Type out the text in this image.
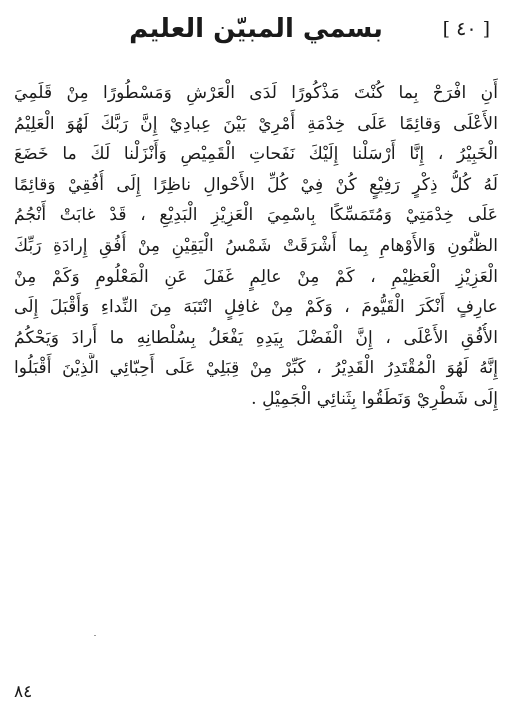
[ ٤٠ ]
بسمي المبيّن العليم
أَنِ افْرَحْ بِما كُنْتَ مَذْكُورًا لَدَى الْعَرْشِ وَمَسْطُورًا مِنْ قَلَمِيَ
الأَعْلَى وَقائِمًا عَلَى خِدْمَةِ أَمْرِيْ بَيْنَ عِبادِيْ إِنَّ رَبَّكَ لَهُوَ الْعَلِيْمُ
الْخَبِيْرُ ، إِنَّا أَرْسَلْنا إِلَيْكَ نَفَحاتِ الْقَمِيْصِ وَأَنْزَلْنا لَكَ ما خَضَعَ
لَهُ كُلُّ ذِكْرٍ رَفِيْعٍ كُنْ فِيْ كُلِّ الأَحْوالِ ناظِرًا إِلَى أُفُقِيْ وَقائِمًا
عَلَى خِدْمَتِيْ وَمُتَمَسِّكًا بِاسْمِيَ الْعَزِيْزِ الْبَدِيْعِ ، قَدْ غابَتْ أَنْجُمُ
الظُّنُونِ وَالأَوْهامِ بِما أَشْرَقَتْ شَمْسُ الْيَقِيْنِ مِنْ أُفُقِ إِرادَةِ رَبِّكَ
الْعَزِيْزِ الْعَظِيْمِ ، كَمْ مِنْ عالِمٍ غَفَلَ عَنِ الْمَعْلُومِ وَكَمْ مِنْ
عارِفٍ أَنْكَرَ الْقَيُّومَ ، وَكَمْ مِنْ غافِلٍ انْتَبَهَ مِنَ النِّداءِ وَأَقْبَلَ إِلَى
الأُفُقِ الأَعْلَى ، إِنَّ الْفَضْلَ بِيَدِهِ يَفْعَلُ بِسُلْطانِهِ ما أَرادَ وَيَحْكُمُ
إِنَّهُ لَهُوَ الْمُقْتَدِرُ الْقَدِيْرُ ، كَبِّرْ مِنْ قِبَلِيْ عَلَى أَحِبّائِي الَّذِيْنَ أَقْبَلُوا
إِلَى شَطْرِيْ وَنَطَقُوا بِثَنائِي الْجَمِيْلِ .
٨٤
